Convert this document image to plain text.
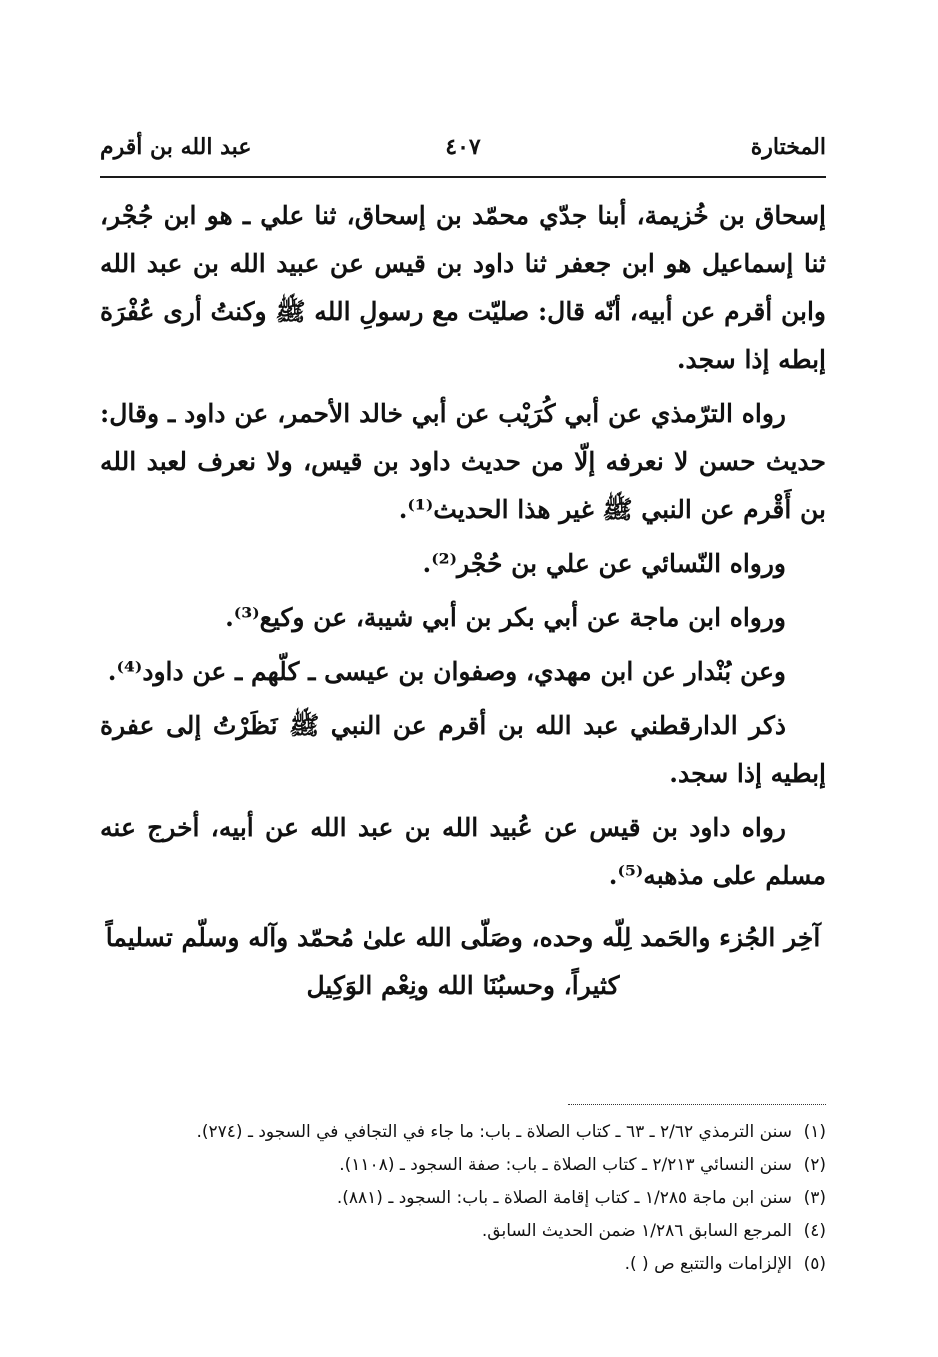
المختارة
٤٠٧
عبد الله بن أقرم

إسحاق بن خُزيمة، أبنا جدّي محمّد بن إسحاق، ثنا علي ـ هو ابن جُجْر، ثنا إسماعيل هو ابن جعفر ثنا داود بن قيس عن عبيد الله بن عبد الله وابن أقرم عن أبيه، أنّه قال: صليّت مع رسولِ الله ﷺ وكنتُ أرى عُفْرَة إبطه إذا سجد.

رواه الترّمذي عن أبي كُرَيْب عن أبي خالد الأحمر، عن داود ـ وقال: حديث حسن لا نعرفه إلّا من حديث داود بن قيس، ولا نعرف لعبد الله بن أَقْرم عن النبي ﷺ غير هذا الحديث⁽¹⁾.

ورواه النّسائي عن علي بن حُجْر⁽²⁾.

ورواه ابن ماجة عن أبي بكر بن أبي شيبة، عن وكيع⁽³⁾.

وعن بُنْدار عن ابن مهدي، وصفوان بن عيسى ـ كلّهم ـ عن داود⁽⁴⁾.

ذكر الدارقطني عبد الله بن أقرم عن النبي ﷺ نَظَرْتُ إلى عفرة إبطيه إذا سجد.

رواه داود بن قيس عن عُبيد الله بن عبد الله عن أبيه، أخرج عنه مسلم على مذهبه⁽⁵⁾.

آخِر الجُزء والحَمد لِلّه وحده، وصَلّى الله علىٰ مُحمّد وآله وسلّم تسليماً كثيراً، وحسبُنَا الله ونِعْم الوَكِيل

(١)
سنن الترمذي ٢/٦٢ ـ ٦٣ ـ كتاب الصلاة ـ باب: ما جاء في التجافي في السجود ـ (٢٧٤).
(٢)
سنن النسائي ٢/٢١٣ ـ كتاب الصلاة ـ باب: صفة السجود ـ (١١٠٨).
(٣)
سنن ابن ماجة ١/٢٨٥ ـ كتاب إقامة الصلاة ـ باب: السجود ـ (٨٨١).
(٤)
المرجع السابق ١/٢٨٦ ضمن الحديث السابق.
(٥)
الإلزامات والتتبع ص ( ).
